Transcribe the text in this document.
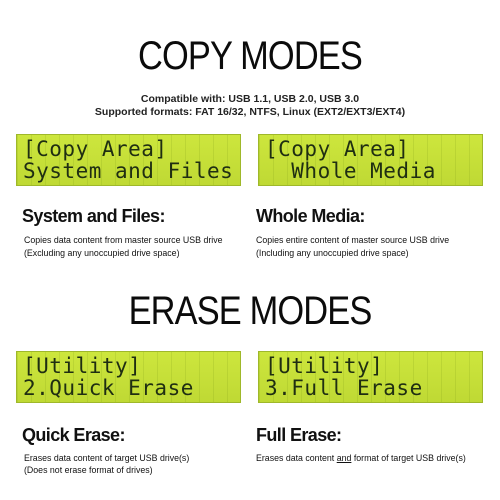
COPY MODES
Compatible with: USB 1.1, USB 2.0, USB 3.0
Supported formats: FAT 16/32, NTFS, Linux (EXT2/EXT3/EXT4)
[Copy Area]
System and Files
[Copy Area]
Whole Media
System and Files:
Copies data content from master source USB drive
(Excluding any unoccupied drive space)
Whole Media:
Copies entire content of master source USB drive
(Including any unoccupied drive space)
ERASE MODES
[Utility]
2.Quick Erase
[Utility]
3.Full Erase
Quick Erase:
Erases data content of target USB drive(s)
(Does not erase format of drives)
Full Erase:
Erases data content and format of target USB drive(s)
